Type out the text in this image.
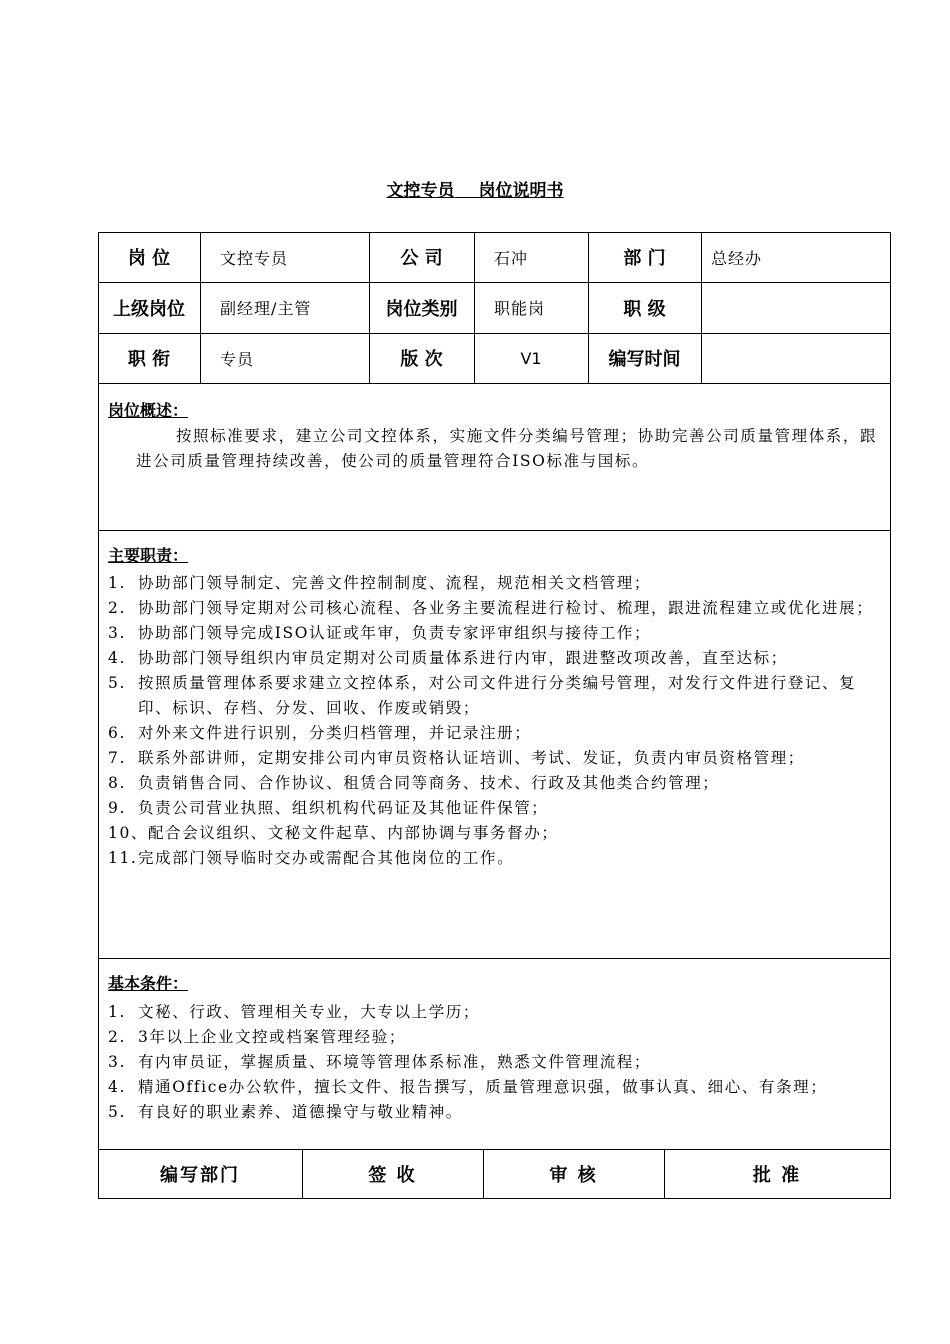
文控专员 岗位说明书
岗 位	文控专员	公 司	石冲	部 门	总经办
上级岗位	副经理/主管	岗位类别	职能岗	职 级
职 衔	专员	版 次	V1	编写时间
岗位概述：
按照标准要求，建立公司文控体系，实施文件分类编号管理；协助完善公司质量管理体系，跟进公司质量管理持续改善，使公司的质量管理符合ISO标准与国标。
主要职责：
1. 协助部门领导制定、完善文件控制制度、流程，规范相关文档管理；
2. 协助部门领导定期对公司核心流程、各业务主要流程进行检讨、梳理，跟进流程建立或优化进展；
3. 协助部门领导完成ISO认证或年审，负责专家评审组织与接待工作；
4. 协助部门领导组织内审员定期对公司质量体系进行内审，跟进整改项改善，直至达标；
5. 按照质量管理体系要求建立文控体系，对公司文件进行分类编号管理，对发行文件进行登记、复印、标识、存档、分发、回收、作废或销毁；
6. 对外来文件进行识别，分类归档管理，并记录注册；
7. 联系外部讲师，定期安排公司内审员资格认证培训、考试、发证，负责内审员资格管理；
8. 负责销售合同、合作协议、租赁合同等商务、技术、行政及其他类合约管理；
9. 负责公司营业执照、组织机构代码证及其他证件保管；
10、配合会议组织、文秘文件起草、内部协调与事务督办；
11. 完成部门领导临时交办或需配合其他岗位的工作。
基本条件：
1. 文秘、行政、管理相关专业，大专以上学历；
2. 3年以上企业文控或档案管理经验；
3. 有内审员证，掌握质量、环境等管理体系标准，熟悉文件管理流程；
4. 精通Office办公软件，擅长文件、报告撰写，质量管理意识强，做事认真、细心、有条理；
5. 有良好的职业素养、道德操守与敬业精神。
编写部门	签 收	审 核	批 准
